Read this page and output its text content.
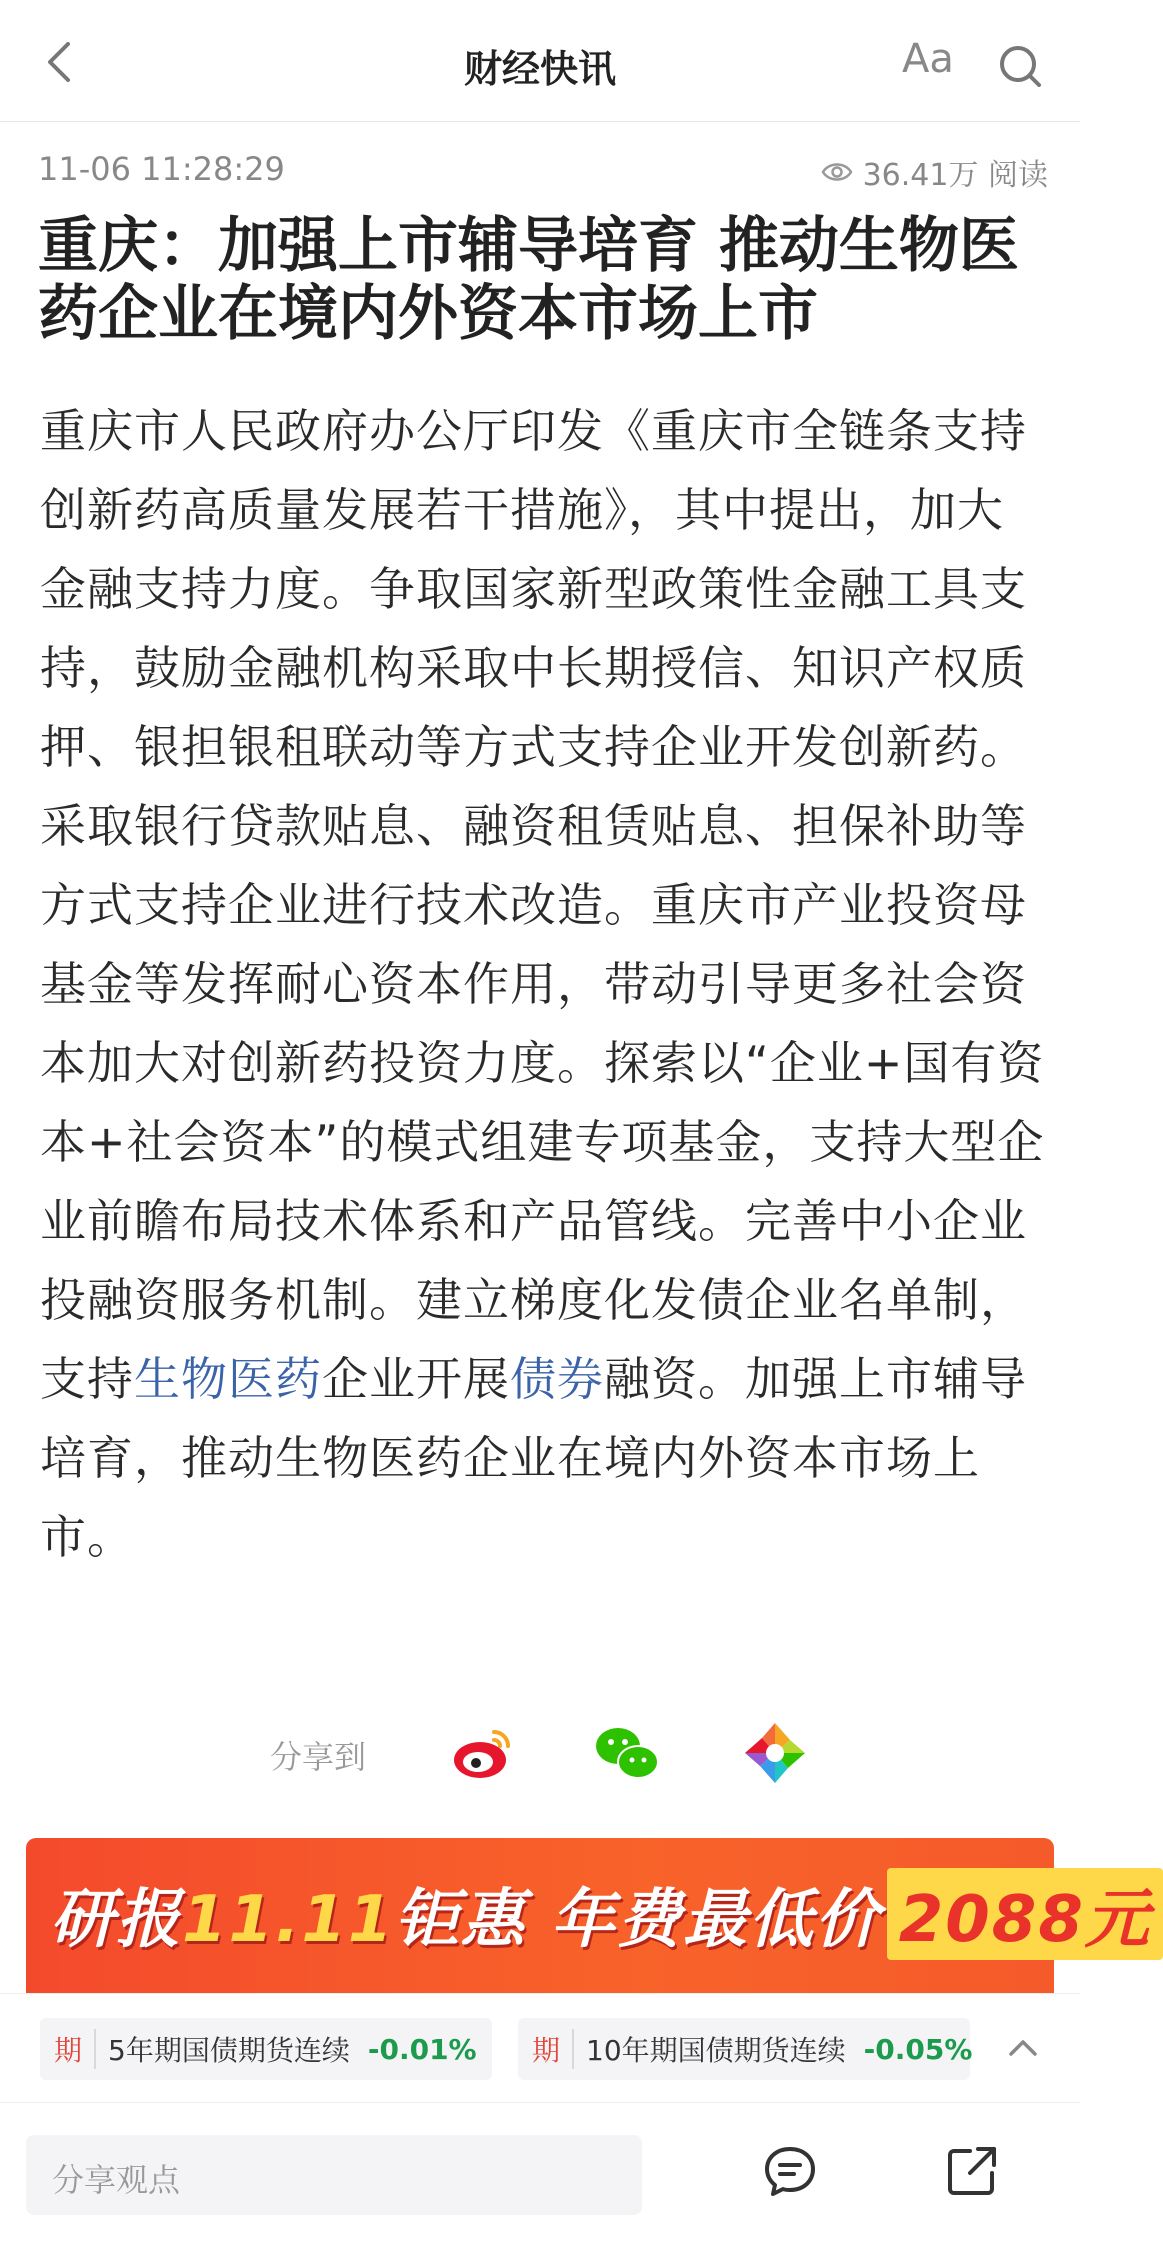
财经快讯	Aa
11-06 11:28:29	36.41万 阅读
重庆：加强上市辅导培育 推动生物医药企业在境内外资本市场上市
重庆市人民政府办公厅印发《重庆市全链条支持创新药高质量发展若干措施》，其中提出，加大金融支持力度。争取国家新型政策性金融工具支持，鼓励金融机构采取中长期授信、知识产权质押、银担银租联动等方式支持企业开发创新药。采取银行贷款贴息、融资租赁贴息、担保补助等方式支持企业进行技术改造。重庆市产业投资母基金等发挥耐心资本作用，带动引导更多社会资本加大对创新药投资力度。探索以“企业+国有资本+社会资本”的模式组建专项基金，支持大型企业前瞻布局技术体系和产品管线。完善中小企业投融资服务机制。建立梯度化发债企业名单制，支持生物医药企业开展债券融资。加强上市辅导培育，推动生物医药企业在境内外资本市场上市。
分享到
研报11.11钜惠 年费最低价 2088元
期 5年期国债期货连续 -0.01% 期 10年期国债期货连续 -0.05%
分享观点
